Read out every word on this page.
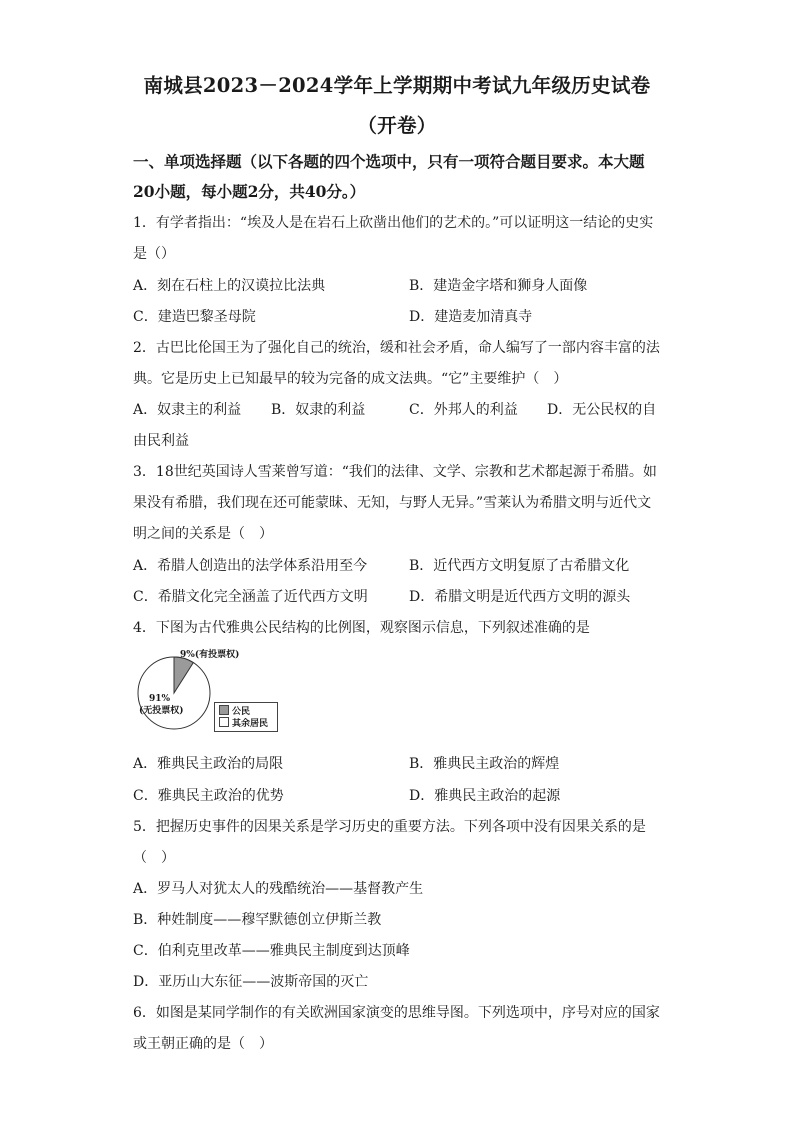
南城县2023－2024学年上学期期中考试九年级历史试卷
（开卷）
一、单项选择题（以下各题的四个选项中，只有一项符合题目要求。本大题
20小题，每小题2分，共40分。）
1．有学者指出：“埃及人是在岩石上砍凿出他们的艺术的。”可以证明这一结论的史实
是（）
A．刻在石柱上的汉谟拉比法典	B．建造金字塔和狮身人面像
C．建造巴黎圣母院	D．建造麦加清真寺
2．古巴比伦国王为了强化自己的统治，缓和社会矛盾，命人编写了一部内容丰富的法
典。它是历史上已知最早的较为完备的成文法典。“它”主要维护（　）
A．奴隶主的利益 B．奴隶的利益	C．外邦人的利益 D．无公民权的自
由民利益
3．18世纪英国诗人雪莱曾写道：“我们的法律、文学、宗教和艺术都起源于希腊。如
果没有希腊，我们现在还可能蒙昧、无知，与野人无异。”雪莱认为希腊文明与近代文
明之间的关系是（　）
A．希腊人创造出的法学体系沿用至今	B．近代西方文明复原了古希腊文化
C．希腊文化完全涵盖了近代西方文明	D．希腊文明是近代西方文明的源头
4．下图为古代雅典公民结构的比例图，观察图示信息，下列叙述准确的是
9%(有投票权)
91%
(无投票权)	公民
其余居民
A．雅典民主政治的局限	B．雅典民主政治的辉煌
C．雅典民主政治的优势	D．雅典民主政治的起源
5．把握历史事件的因果关系是学习历史的重要方法。下列各项中没有因果关系的是
（　）
A．罗马人对犹太人的残酷统治——基督教产生
B．种姓制度——穆罕默德创立伊斯兰教
C．伯利克里改革——雅典民主制度到达顶峰
D．亚历山大东征——波斯帝国的灭亡
6．如图是某同学制作的有关欧洲国家演变的思维导图。下列选项中，序号对应的国家
或王朝正确的是（　）
